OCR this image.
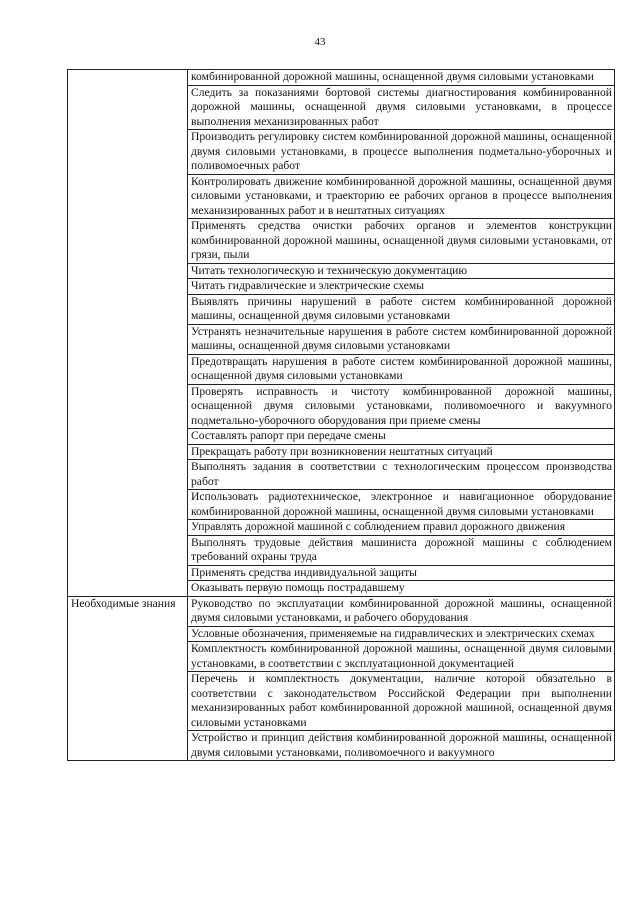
43
	комбинированной дорожной машины, оснащенной двумя силовыми установками
	Следить за показаниями бортовой системы диагностирования комбинированной дорожной машины, оснащенной двумя силовыми установками, в процессе выполнения механизированных работ
	Производить регулировку систем комбинированной дорожной машины, оснащенной двумя силовыми установками, в процессе выполнения подметально-уборочных и поливомоечных работ
	Контролировать движение комбинированной дорожной машины, оснащенной двумя силовыми установками, и траекторию ее рабочих органов в процессе выполнения механизированных работ и в нештатных ситуациях
	Применять средства очистки рабочих органов и элементов конструкции комбинированной дорожной машины, оснащенной двумя силовыми установками, от грязи, пыли
	Читать технологическую и техническую документацию
	Читать гидравлические и электрические схемы
	Выявлять причины нарушений в работе систем комбинированной дорожной машины, оснащенной двумя силовыми установками
	Устранять незначительные нарушения в работе систем комбинированной дорожной машины, оснащенной двумя силовыми установками
	Предотвращать нарушения в работе систем комбинированной дорожной машины, оснащенной двумя силовыми установками
	Проверять исправность и чистоту комбинированной дорожной машины, оснащенной двумя силовыми установками, поливомоечного и вакуумного подметально-уборочного оборудования при приеме смены
	Составлять рапорт при передаче смены
	Прекращать работу при возникновении нештатных ситуаций
	Выполнять задания в соответствии с технологическим процессом производства работ
	Использовать радиотехническое, электронное и навигационное оборудование комбинированной дорожной машины, оснащенной двумя силовыми установками
	Управлять дорожной машиной с соблюдением правил дорожного движения
	Выполнять трудовые действия машиниста дорожной машины с соблюдением требований охраны труда
	Применять средства индивидуальной защиты
	Оказывать первую помощь пострадавшему
Необходимые знания	Руководство по эксплуатации комбинированной дорожной машины, оснащенной двумя силовыми установками, и рабочего оборудования
	Условные обозначения, применяемые на гидравлических и электрических схемах
	Комплектность комбинированной дорожной машины, оснащенной двумя силовыми установками, в соответствии с эксплуатационной документацией
	Перечень и комплектность документации, наличие которой обязательно в соответствии с законодательством Российской Федерации при выполнении механизированных работ комбинированной дорожной машиной, оснащенной двумя силовыми установками
	Устройство и принцип действия комбинированной дорожной машины, оснащенной двумя силовыми установками, поливомоечного и вакуумного
